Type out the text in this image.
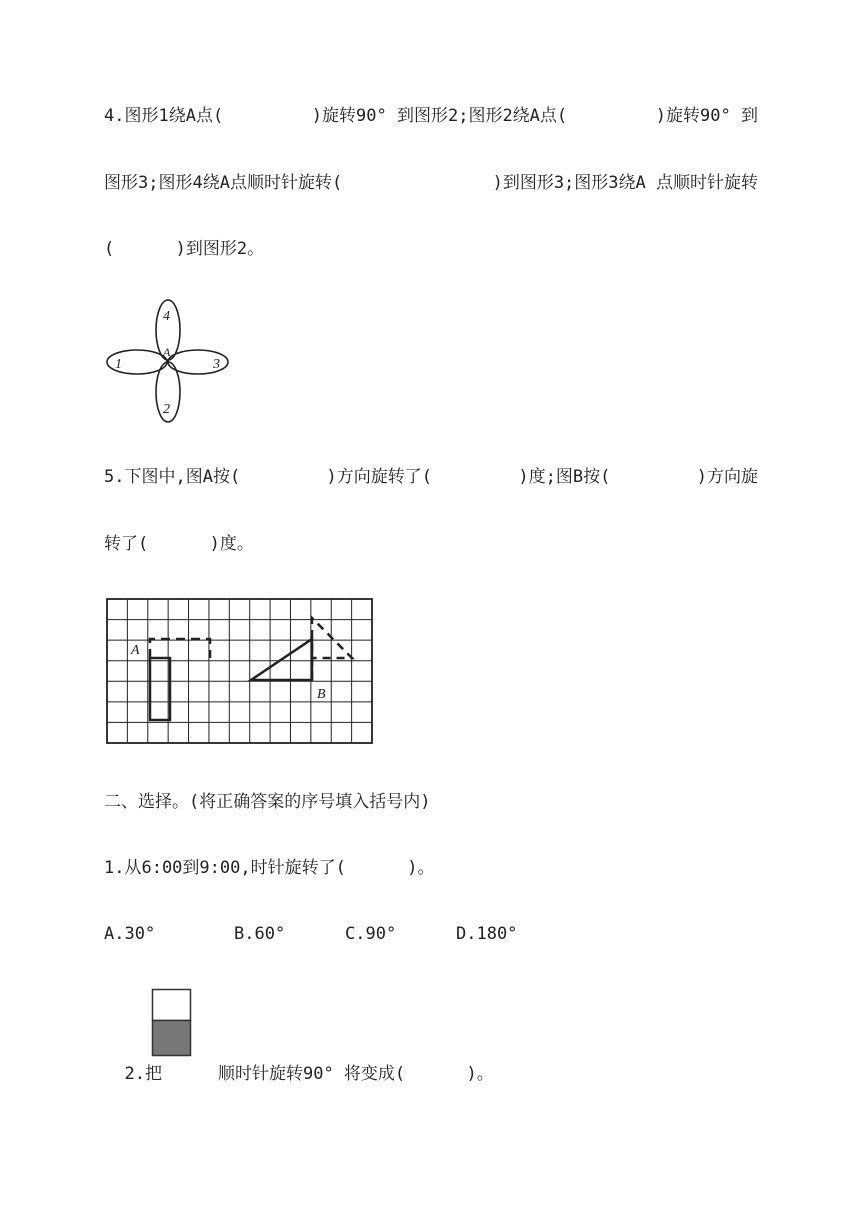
4.图形1绕A点(
	)旋转90° 到图形2;图形2绕A点(
	)旋转90° 到
图形3;图形4绕A点顺时针旋转(
	)到图形3;图形3绕A 点顺时针旋转
(      )到图形2。
4
2
1	3
A
5.下图中,图A按(
	)方向旋转了(
	)度;图B按(
	)方向旋
转了(      )度。
A
B
二、选择。(将正确答案的序号填入括号内)
1.从6:00到9:00,时针旋转了(      )。

A.30°

	B.60°

	C.90°

	D.180°

2.把	顺时针旋转90° 将变成(      )。
